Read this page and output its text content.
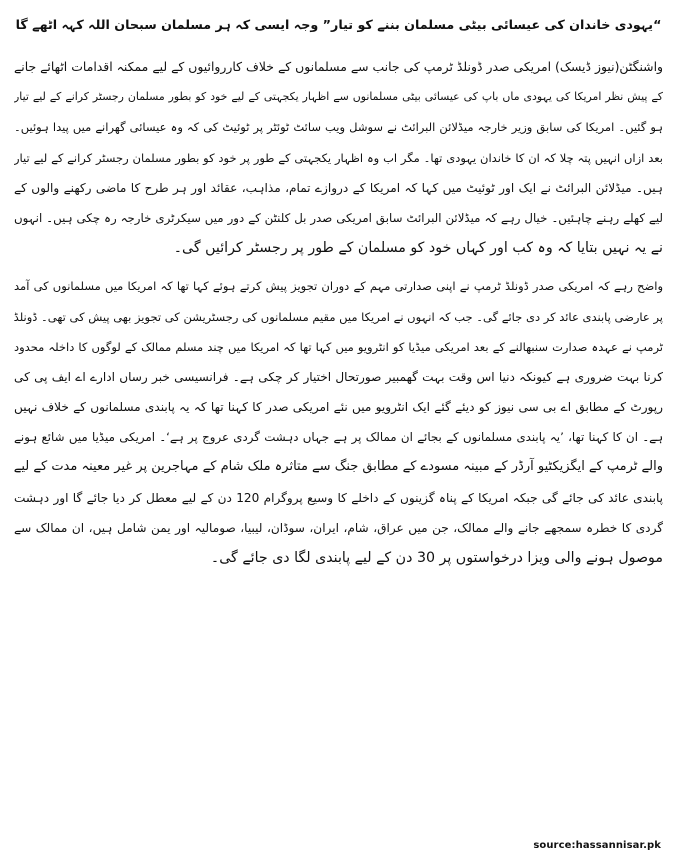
“یہودی خاندان کی عیسائی بیٹی مسلمان بننے کو تیار” وجہ ایسی کہ ہر مسلمان سبحان اللہ کہہ اٹھے گا
واشنگٹن(نیوز ڈیسک) امریکی صدر ڈونلڈ ٹرمپ کی جانب سے مسلمانوں کے خلاف کارروائیوں کے لیے ممکنہ اقدامات اٹھائے جانے
کے پیش نظر امریکا کی یہودی ماں باپ کی عیسائی بیٹی مسلمانوں سے اظہار یکجہتی کے لیے خود کو بطور مسلمان رجسٹر کرانے کے لیے تیار
ہو گئیں۔ امریکا کی سابق وزیر خارجہ میڈلائن البرائٹ نے سوشل ویب سائٹ ٹوئٹر پر ٹوئیٹ کی کہ وہ عیسائی گھرانے میں پیدا ہوئیں۔
بعد ازاں انہیں پتہ چلا کہ ان کا خاندان یہودی تھا۔ مگر اب وہ اظہار یکجہتی کے طور پر خود کو بطور مسلمان رجسٹر کرانے کے لیے تیار
ہیں۔ میڈلائن البرائٹ نے ایک اور ٹوئیٹ میں کہا کہ امریکا کے دروازے تمام، مذاہب، عقائد اور ہر طرح کا ماضی رکھنے والوں کے
لیے کھلے رہنے چاہئیں۔ خیال رہے کہ میڈلائن البرائٹ سابق امریکی صدر بل کلنٹن کے دور میں سیکرٹری خارجہ رہ چکی ہیں۔ انہوں
نے یہ نہیں بتایا کہ وہ کب اور کہاں خود کو مسلمان کے طور پر رجسٹر کرائیں گی۔
واضح رہے کہ امریکی صدر ڈونلڈ ٹرمپ نے اپنی صدارتی مہم کے دوران تجویز پیش کرتے ہوئے کہا تھا کہ امریکا میں مسلمانوں کی آمد
پر عارضی پابندی عائد کر دی جائے گی۔ جب کہ انہوں نے امریکا میں مقیم مسلمانوں کی رجسٹریشن کی تجویز بھی پیش کی تھی۔ ڈونلڈ
ٹرمپ نے عہدہ صدارت سنبھالنے کے بعد امریکی میڈیا کو انٹرویو میں کہا تھا کہ امریکا میں چند مسلم ممالک کے لوگوں کا داخلہ محدود
کرنا بہت ضروری ہے کیونکہ دنیا اس وقت بہت گھمبیر صورتحال اختیار کر چکی ہے۔ فرانسیسی خبر رساں ادارے اے ایف پی کی
رپورٹ کے مطابق اے بی سی نیوز کو دیئے گئے ایک انٹرویو میں نئے امریکی صدر کا کہنا تھا کہ یہ پابندی مسلمانوں کے خلاف نہیں
ہے۔ ان کا کہنا تھا، ’یہ پابندی مسلمانوں کے بجائے ان ممالک پر ہے جہاں دہشت گردی عروج پر ہے‘۔ امریکی میڈیا میں شائع ہونے
والے ٹرمپ کے ایگزیکٹیو آرڈر کے مبینہ مسودے کے مطابق جنگ سے متاثرہ ملک شام کے مہاجرین پر غیر معینہ مدت کے لیے
پابندی عائد کی جائے گی جبکہ امریکا کے پناہ گزینوں کے داخلے کا وسیع پروگرام 120 دن کے لیے معطل کر دیا جائے گا اور دہشت
گردی کا خطرہ سمجھے جانے والے ممالک، جن میں عراق، شام، ایران، سوڈان، لیبیا، صومالیہ اور یمن شامل ہیں، ان ممالک سے
موصول ہونے والی ویزا درخواستوں پر 30 دن کے لیے پابندی لگا دی جائے گی۔
source:hassannisar.pk
